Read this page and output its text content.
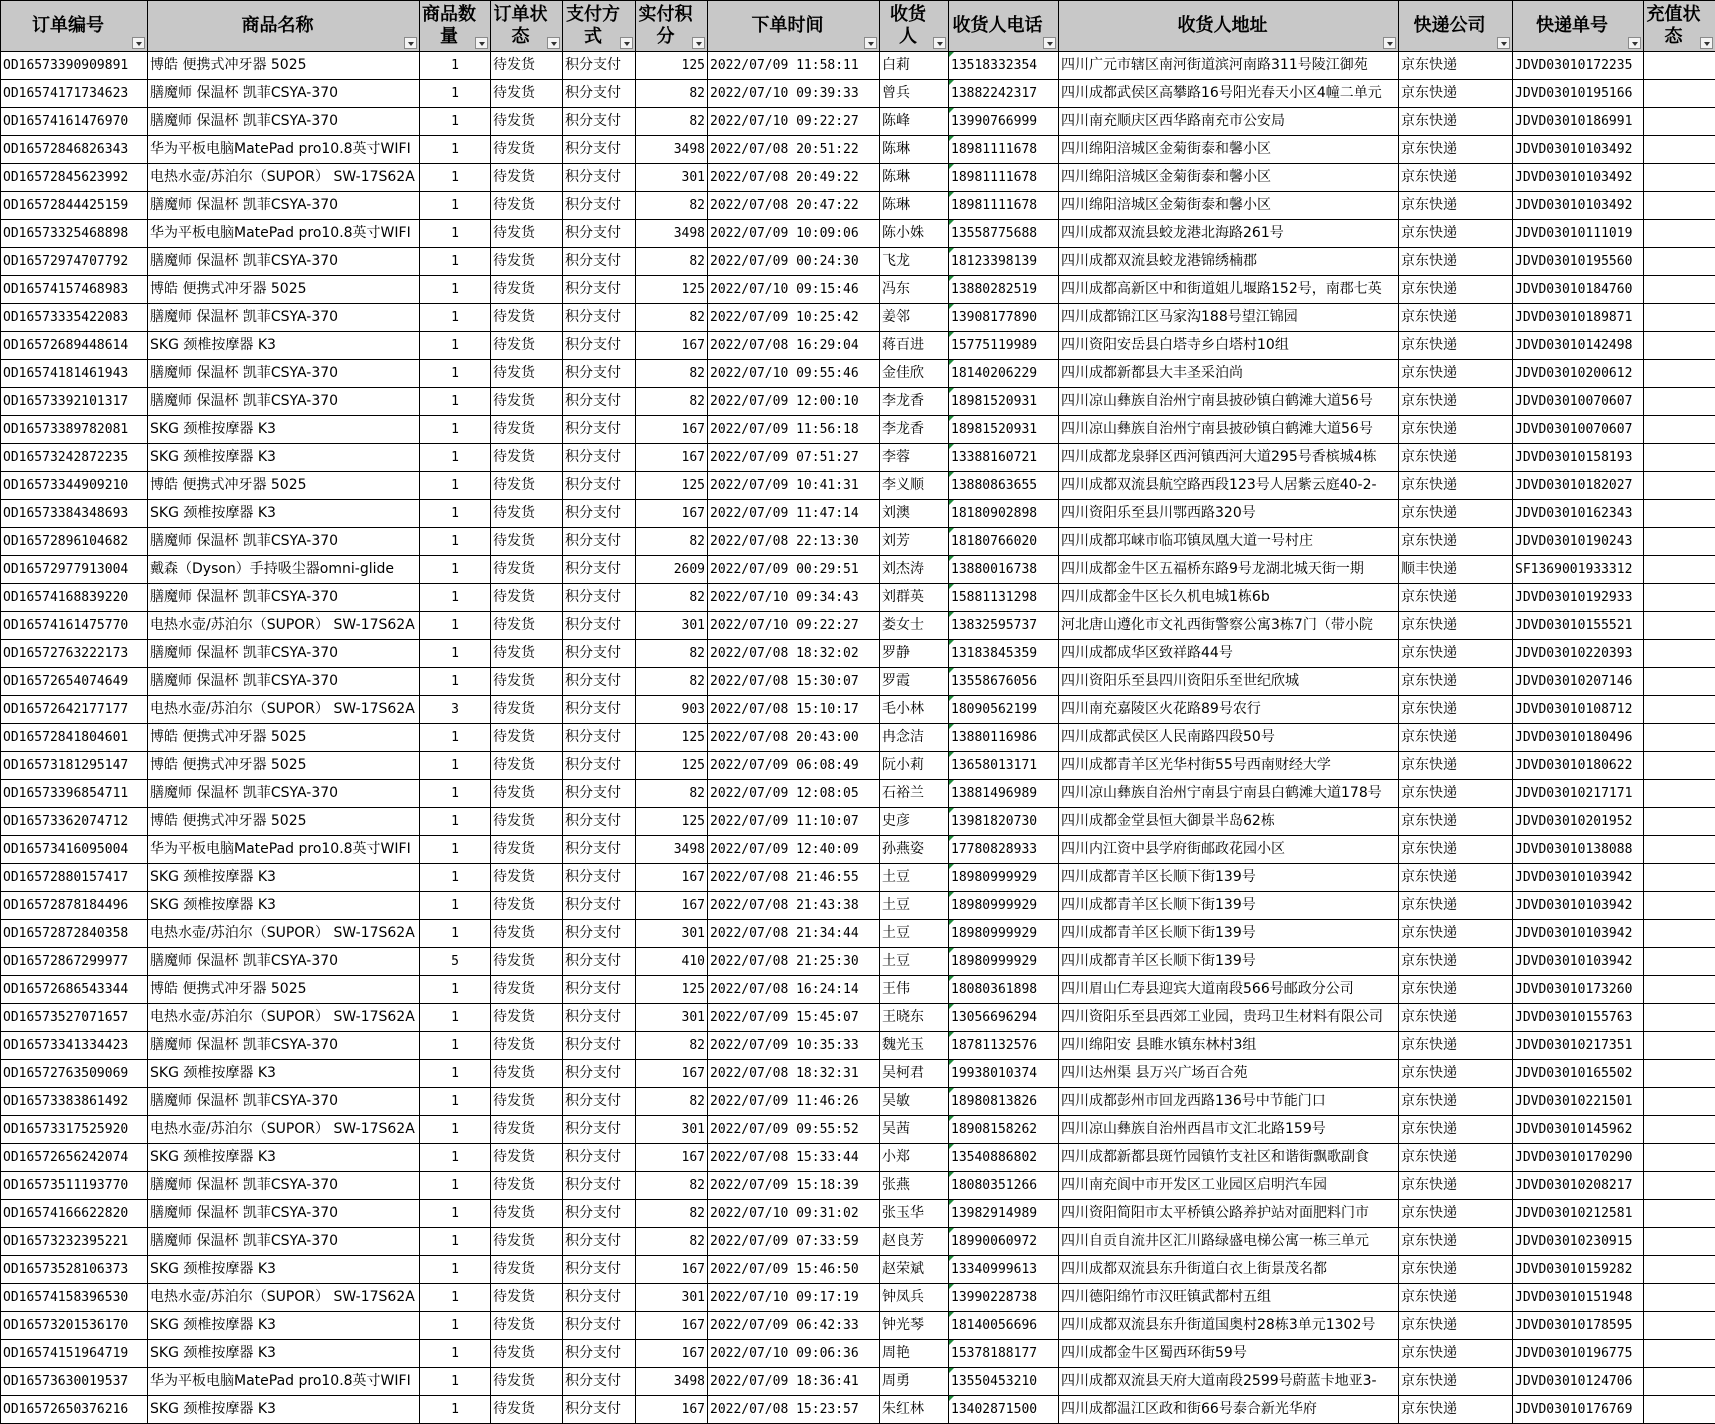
订单编号	商品名称	商品数量	订单状态	支付方式	实付积分	下单时间	收货人	收货人电话	收货人地址	快递公司	快递单号	充值状态

OD16573390909891	博皓 便携式冲牙器 5025	1	待发货	积分支付	125	2022/07/09 11:58:11	白莉	13518332354	四川广元市辖区南河街道滨河南路311号陵江御苑	京东快递	JDVD03010172235	
OD16574171734623	膳魔师 保温杯 凯菲CSYA-370	1	待发货	积分支付	82	2022/07/10 09:39:33	曾兵	13882242317	四川成都武侯区高攀路16号阳光春天小区4幢二单元	京东快递	JDVD03010195166	
OD16574161476970	膳魔师 保温杯 凯菲CSYA-370	1	待发货	积分支付	82	2022/07/10 09:22:27	陈峰	13990766999	四川南充顺庆区西华路南充市公安局	京东快递	JDVD03010186991	
OD16572846826343	华为平板电脑MatePad pro10.8英寸WIFI	1	待发货	积分支付	3498	2022/07/08 20:51:22	陈琳	18981111678	四川绵阳涪城区金菊街泰和馨小区	京东快递	JDVD03010103492	
OD16572845623992	电热水壶/苏泊尔（SUPOR） SW-17S62A	1	待发货	积分支付	301	2022/07/08 20:49:22	陈琳	18981111678	四川绵阳涪城区金菊街泰和馨小区	京东快递	JDVD03010103492	
OD16572844425159	膳魔师 保温杯 凯菲CSYA-370	1	待发货	积分支付	82	2022/07/08 20:47:22	陈琳	18981111678	四川绵阳涪城区金菊街泰和馨小区	京东快递	JDVD03010103492	
OD16573325468898	华为平板电脑MatePad pro10.8英寸WIFI	1	待发货	积分支付	3498	2022/07/09 10:09:06	陈小姝	13558775688	四川成都双流县蛟龙港北海路261号	京东快递	JDVD03010111019	
OD16572974707792	膳魔师 保温杯 凯菲CSYA-370	1	待发货	积分支付	82	2022/07/09 00:24:30	飞龙	18123398139	四川成都双流县蛟龙港锦绣楠郡	京东快递	JDVD03010195560	
OD16574157468983	博皓 便携式冲牙器 5025	1	待发货	积分支付	125	2022/07/10 09:15:46	冯东	13880282519	四川成都高新区中和街道姐儿堰路152号，南郡七英	京东快递	JDVD03010184760	
OD16573335422083	膳魔师 保温杯 凯菲CSYA-370	1	待发货	积分支付	82	2022/07/09 10:25:42	姜邻	13908177890	四川成都锦江区马家沟188号望江锦园	京东快递	JDVD03010189871	
OD16572689448614	SKG 颈椎按摩器 K3	1	待发货	积分支付	167	2022/07/08 16:29:04	蒋百进	15775119989	四川资阳安岳县白塔寺乡白塔村10组	京东快递	JDVD03010142498	
OD16574181461943	膳魔师 保温杯 凯菲CSYA-370	1	待发货	积分支付	82	2022/07/10 09:55:46	金佳欣	18140206229	四川成都新都县大丰圣采泊尚	京东快递	JDVD03010200612	
OD16573392101317	膳魔师 保温杯 凯菲CSYA-370	1	待发货	积分支付	82	2022/07/09 12:00:10	李龙香	18981520931	四川凉山彝族自治州宁南县披砂镇白鹤滩大道56号	京东快递	JDVD03010070607	
OD16573389782081	SKG 颈椎按摩器 K3	1	待发货	积分支付	167	2022/07/09 11:56:18	李龙香	18981520931	四川凉山彝族自治州宁南县披砂镇白鹤滩大道56号	京东快递	JDVD03010070607	
OD16573242872235	SKG 颈椎按摩器 K3	1	待发货	积分支付	167	2022/07/09 07:51:27	李蓉	13388160721	四川成都龙泉驿区西河镇西河大道295号香槟城4栋	京东快递	JDVD03010158193	
OD16573344909210	博皓 便携式冲牙器 5025	1	待发货	积分支付	125	2022/07/09 10:41:31	李义顺	13880863655	四川成都双流县航空路西段123号人居紫云庭40-2-	京东快递	JDVD03010182027	
OD16573384348693	SKG 颈椎按摩器 K3	1	待发货	积分支付	167	2022/07/09 11:47:14	刘澳	18180902898	四川资阳乐至县川鄂西路320号	京东快递	JDVD03010162343	
OD16572896104682	膳魔师 保温杯 凯菲CSYA-370	1	待发货	积分支付	82	2022/07/08 22:13:30	刘芳	18180766020	四川成都邛崃市临邛镇凤凰大道一号村庄	京东快递	JDVD03010190243	
OD16572977913004	戴森（Dyson）手持吸尘器omni-glide	1	待发货	积分支付	2609	2022/07/09 00:29:51	刘杰涛	13880016738	四川成都金牛区五福桥东路9号龙湖北城天街一期	顺丰快递	SF1369001933312	
OD16574168839220	膳魔师 保温杯 凯菲CSYA-370	1	待发货	积分支付	82	2022/07/10 09:34:43	刘群英	15881131298	四川成都金牛区长久机电城1栋6b	京东快递	JDVD03010192933	
OD16574161475770	电热水壶/苏泊尔（SUPOR） SW-17S62A	1	待发货	积分支付	301	2022/07/10 09:22:27	娄女士	13832595737	河北唐山遵化市文礼西街警察公寓3栋7门（带小院	京东快递	JDVD03010155521	
OD16572763222173	膳魔师 保温杯 凯菲CSYA-370	1	待发货	积分支付	82	2022/07/08 18:32:02	罗静	13183845359	四川成都成华区致祥路44号	京东快递	JDVD03010220393	
OD16572654074649	膳魔师 保温杯 凯菲CSYA-370	1	待发货	积分支付	82	2022/07/08 15:30:07	罗霞	13558676056	四川资阳乐至县四川资阳乐至世纪欣城	京东快递	JDVD03010207146	
OD16572642177177	电热水壶/苏泊尔（SUPOR） SW-17S62A	3	待发货	积分支付	903	2022/07/08 15:10:17	毛小林	18090562199	四川南充嘉陵区火花路89号农行	京东快递	JDVD03010108712	
OD16572841804601	博皓 便携式冲牙器 5025	1	待发货	积分支付	125	2022/07/08 20:43:00	冉念洁	13880116986	四川成都武侯区人民南路四段50号	京东快递	JDVD03010180496	
OD16573181295147	博皓 便携式冲牙器 5025	1	待发货	积分支付	125	2022/07/09 06:08:49	阮小莉	13658013171	四川成都青羊区光华村街55号西南财经大学	京东快递	JDVD03010180622	
OD16573396854711	膳魔师 保温杯 凯菲CSYA-370	1	待发货	积分支付	82	2022/07/09 12:08:05	石裕兰	13881496989	四川凉山彝族自治州宁南县宁南县白鹤滩大道178号	京东快递	JDVD03010217171	
OD16573362074712	博皓 便携式冲牙器 5025	1	待发货	积分支付	125	2022/07/09 11:10:07	史彦	13981820730	四川成都金堂县恒大御景半岛62栋	京东快递	JDVD03010201952	
OD16573416095004	华为平板电脑MatePad pro10.8英寸WIFI	1	待发货	积分支付	3498	2022/07/09 12:40:09	孙燕姿	17780828933	四川内江资中县学府街邮政花园小区	京东快递	JDVD03010138088	
OD16572880157417	SKG 颈椎按摩器 K3	1	待发货	积分支付	167	2022/07/08 21:46:55	土豆	18980999929	四川成都青羊区长顺下街139号	京东快递	JDVD03010103942	
OD16572878184496	SKG 颈椎按摩器 K3	1	待发货	积分支付	167	2022/07/08 21:43:38	土豆	18980999929	四川成都青羊区长顺下街139号	京东快递	JDVD03010103942	
OD16572872840358	电热水壶/苏泊尔（SUPOR） SW-17S62A	1	待发货	积分支付	301	2022/07/08 21:34:44	土豆	18980999929	四川成都青羊区长顺下街139号	京东快递	JDVD03010103942	
OD16572867299977	膳魔师 保温杯 凯菲CSYA-370	5	待发货	积分支付	410	2022/07/08 21:25:30	土豆	18980999929	四川成都青羊区长顺下街139号	京东快递	JDVD03010103942	
OD16572686543344	博皓 便携式冲牙器 5025	1	待发货	积分支付	125	2022/07/08 16:24:14	王伟	18080361898	四川眉山仁寿县迎宾大道南段566号邮政分公司	京东快递	JDVD03010173260	
OD16573527071657	电热水壶/苏泊尔（SUPOR） SW-17S62A	1	待发货	积分支付	301	2022/07/09 15:45:07	王晓东	13056696294	四川资阳乐至县西郊工业园，贵玛卫生材料有限公司	京东快递	JDVD03010155763	
OD16573341334423	膳魔师 保温杯 凯菲CSYA-370	1	待发货	积分支付	82	2022/07/09 10:35:33	魏光玉	18781132576	四川绵阳安 县睢水镇东林村3组	京东快递	JDVD03010217351	
OD16572763509069	SKG 颈椎按摩器 K3	1	待发货	积分支付	167	2022/07/08 18:32:31	吴柯君	19938010374	四川达州渠 县万兴广场百合苑	京东快递	JDVD03010165502	
OD16573383861492	膳魔师 保温杯 凯菲CSYA-370	1	待发货	积分支付	82	2022/07/09 11:46:26	吴敏	18980813826	四川成都彭州市回龙西路136号中节能门口	京东快递	JDVD03010221501	
OD16573317525920	电热水壶/苏泊尔（SUPOR） SW-17S62A	1	待发货	积分支付	301	2022/07/09 09:55:52	吴茜	18908158262	四川凉山彝族自治州西昌市文汇北路159号	京东快递	JDVD03010145962	
OD16572656242074	SKG 颈椎按摩器 K3	1	待发货	积分支付	167	2022/07/08 15:33:44	小郑	13540886802	四川成都新都县斑竹园镇竹支社区和谐街飘歌副食	京东快递	JDVD03010170290	
OD16573511193770	膳魔师 保温杯 凯菲CSYA-370	1	待发货	积分支付	82	2022/07/09 15:18:39	张燕	18080351266	四川南充阆中市开发区工业园区启明汽车园	京东快递	JDVD03010208217	
OD16574166622820	膳魔师 保温杯 凯菲CSYA-370	1	待发货	积分支付	82	2022/07/10 09:31:02	张玉华	13982914989	四川资阳简阳市太平桥镇公路养护站对面肥料门市	京东快递	JDVD03010212581	
OD16573232395221	膳魔师 保温杯 凯菲CSYA-370	1	待发货	积分支付	82	2022/07/09 07:33:59	赵良芳	18990060972	四川自贡自流井区汇川路绿盛电梯公寓一栋三单元	京东快递	JDVD03010230915	
OD16573528106373	SKG 颈椎按摩器 K3	1	待发货	积分支付	167	2022/07/09 15:46:50	赵荣斌	13340999613	四川成都双流县东升街道白衣上街景茂名都	京东快递	JDVD03010159282	
OD16574158396530	电热水壶/苏泊尔（SUPOR） SW-17S62A	1	待发货	积分支付	301	2022/07/10 09:17:19	钟凤兵	13990228738	四川德阳绵竹市汉旺镇武都村五组	京东快递	JDVD03010151948	
OD16573201536170	SKG 颈椎按摩器 K3	1	待发货	积分支付	167	2022/07/09 06:42:33	钟光琴	18140056696	四川成都双流县东升街道国奥村28栋3单元1302号	京东快递	JDVD03010178595	
OD16574151964719	SKG 颈椎按摩器 K3	1	待发货	积分支付	167	2022/07/10 09:06:36	周艳	15378188177	四川成都金牛区蜀西环街59号	京东快递	JDVD03010196775	
OD16573630019537	华为平板电脑MatePad pro10.8英寸WIFI	1	待发货	积分支付	3498	2022/07/09 18:36:41	周勇	13550453210	四川成都双流县天府大道南段2599号蔚蓝卡地亚3-	京东快递	JDVD03010124706	
OD16572650376216	SKG 颈椎按摩器 K3	1	待发货	积分支付	167	2022/07/08 15:23:57	朱红林	13402871500	四川成都温江区政和街66号泰合新光华府	京东快递	JDVD03010176769	
